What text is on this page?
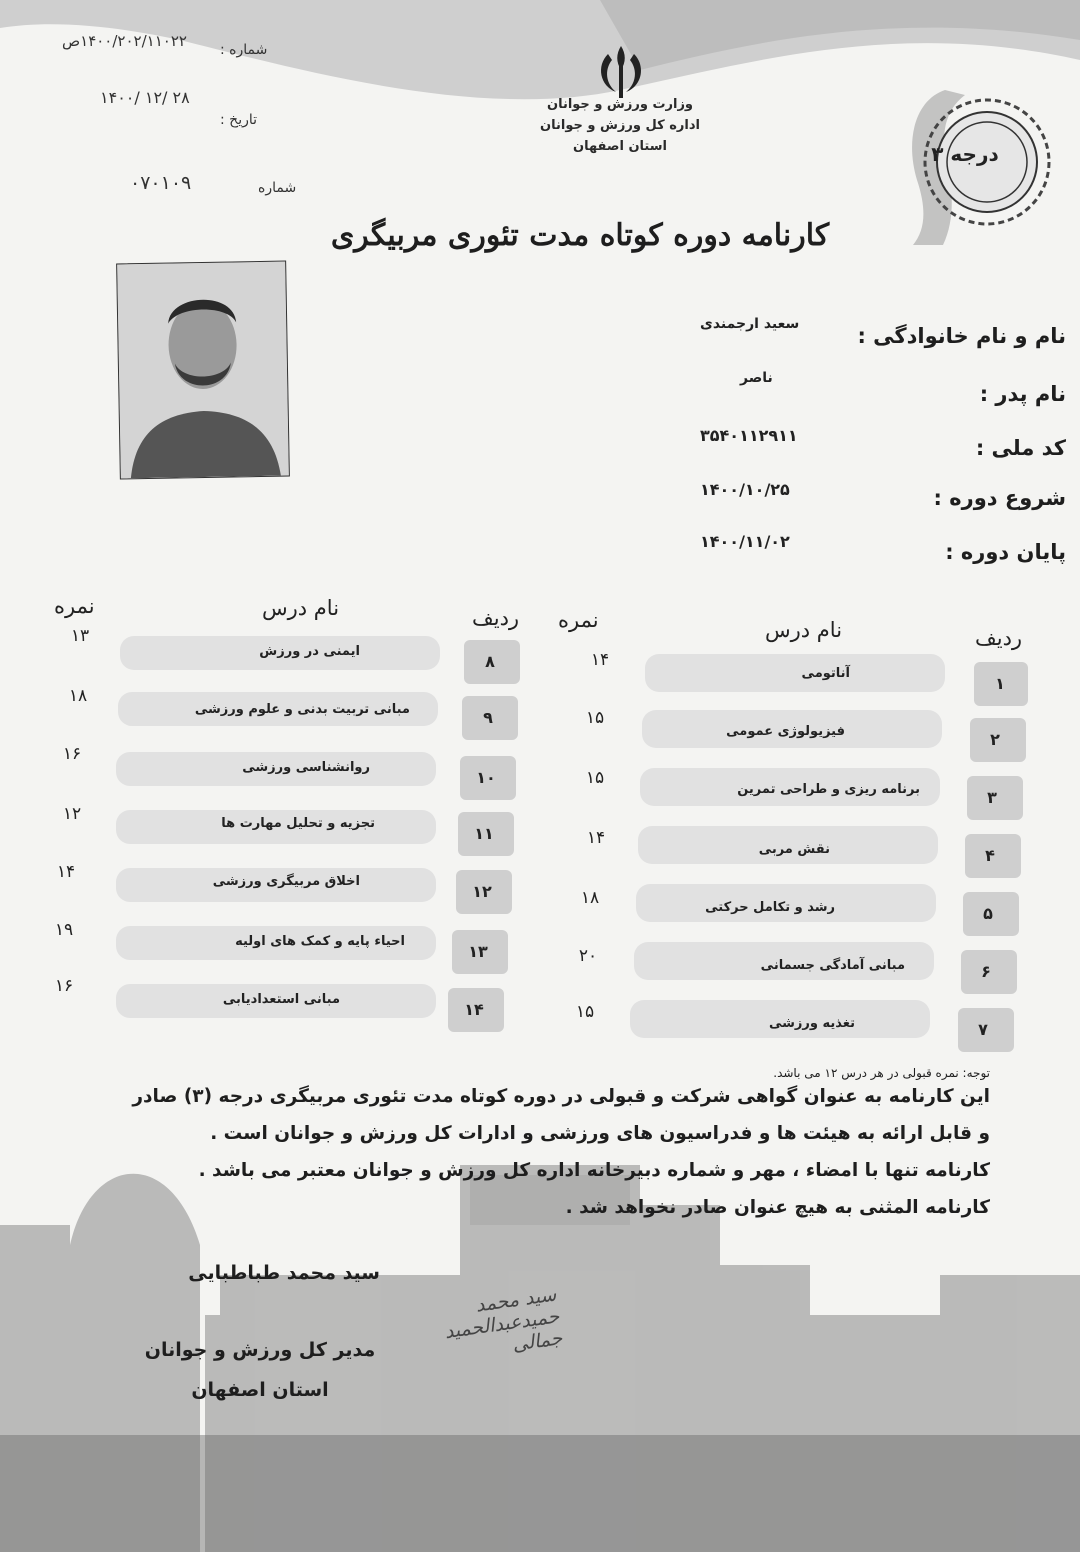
وزارت ورزش و جوانان
اداره کل ورزش و جوانان
استان اصفهان	درجه ۳
شماره :
۱۴۰۰/۲۰۲/۱۱۰۲۲ص
تاریخ :
۱۴۰۰/ ۱۲/ ۲۸
شماره
۰۷۰۱۰۹
کارنامه دوره کوتاه مدت تئوری مربیگری
نام و نام خانوادگی :
سعید ارجمندی
نام پدر :
ناصر
کد ملی :
۳۵۴۰۱۱۲۹۱۱
شروع دوره :
۱۴۰۰/۱۰/۲۵
پایان دوره :
۱۴۰۰/۱۱/۰۲
ردیف
نام درس
نمره
ردیف
نام درس
نمره
۱
آناتومی
۱۴
۲
فیزیولوژی عمومی
۱۵
۳
برنامه ریزی و طراحی تمرین
۱۵
۴
نقش مربی
۱۴
۵
رشد و تکامل حرکتی
۱۸
۶
مبانی آمادگی جسمانی
۲۰
۷
تغذیه ورزشی
۱۵
۸
ایمنی در ورزش
۱۳
۹
مبانی تربیت بدنی و علوم ورزشی
۱۸
۱۰
روانشناسی ورزشی
۱۶
۱۱
تجزیه و تحلیل مهارت ها
۱۲
۱۲
اخلاق مربیگری ورزشی
۱۴
۱۳
احیاء پایه و کمک های اولیه
۱۹
۱۴
مبانی استعدادیابی
۱۶
توجه: نمره قبولی در هر درس ۱۲ می باشد.

این کارنامه به عنوان گواهی شرکت و قبولی در دوره کوتاه مدت تئوری مربیگری درجه (۳) صادر

و قابل ارائه به هیئت ها و فدراسیون های ورزشی و ادارات کل ورزش و جوانان است .

کارنامه تنها با امضاء ، مهر و شماره دبیرخانه اداره کل ورزش و جوانان معتبر می باشد .

کارنامه المثنی به هیچ عنوان صادر نخواهد شد .

سید محمد طباطبایی
سید محمد حمیدعبدالحمید جمالی
مدیر کل ورزش و جوانان
استان اصفهان
